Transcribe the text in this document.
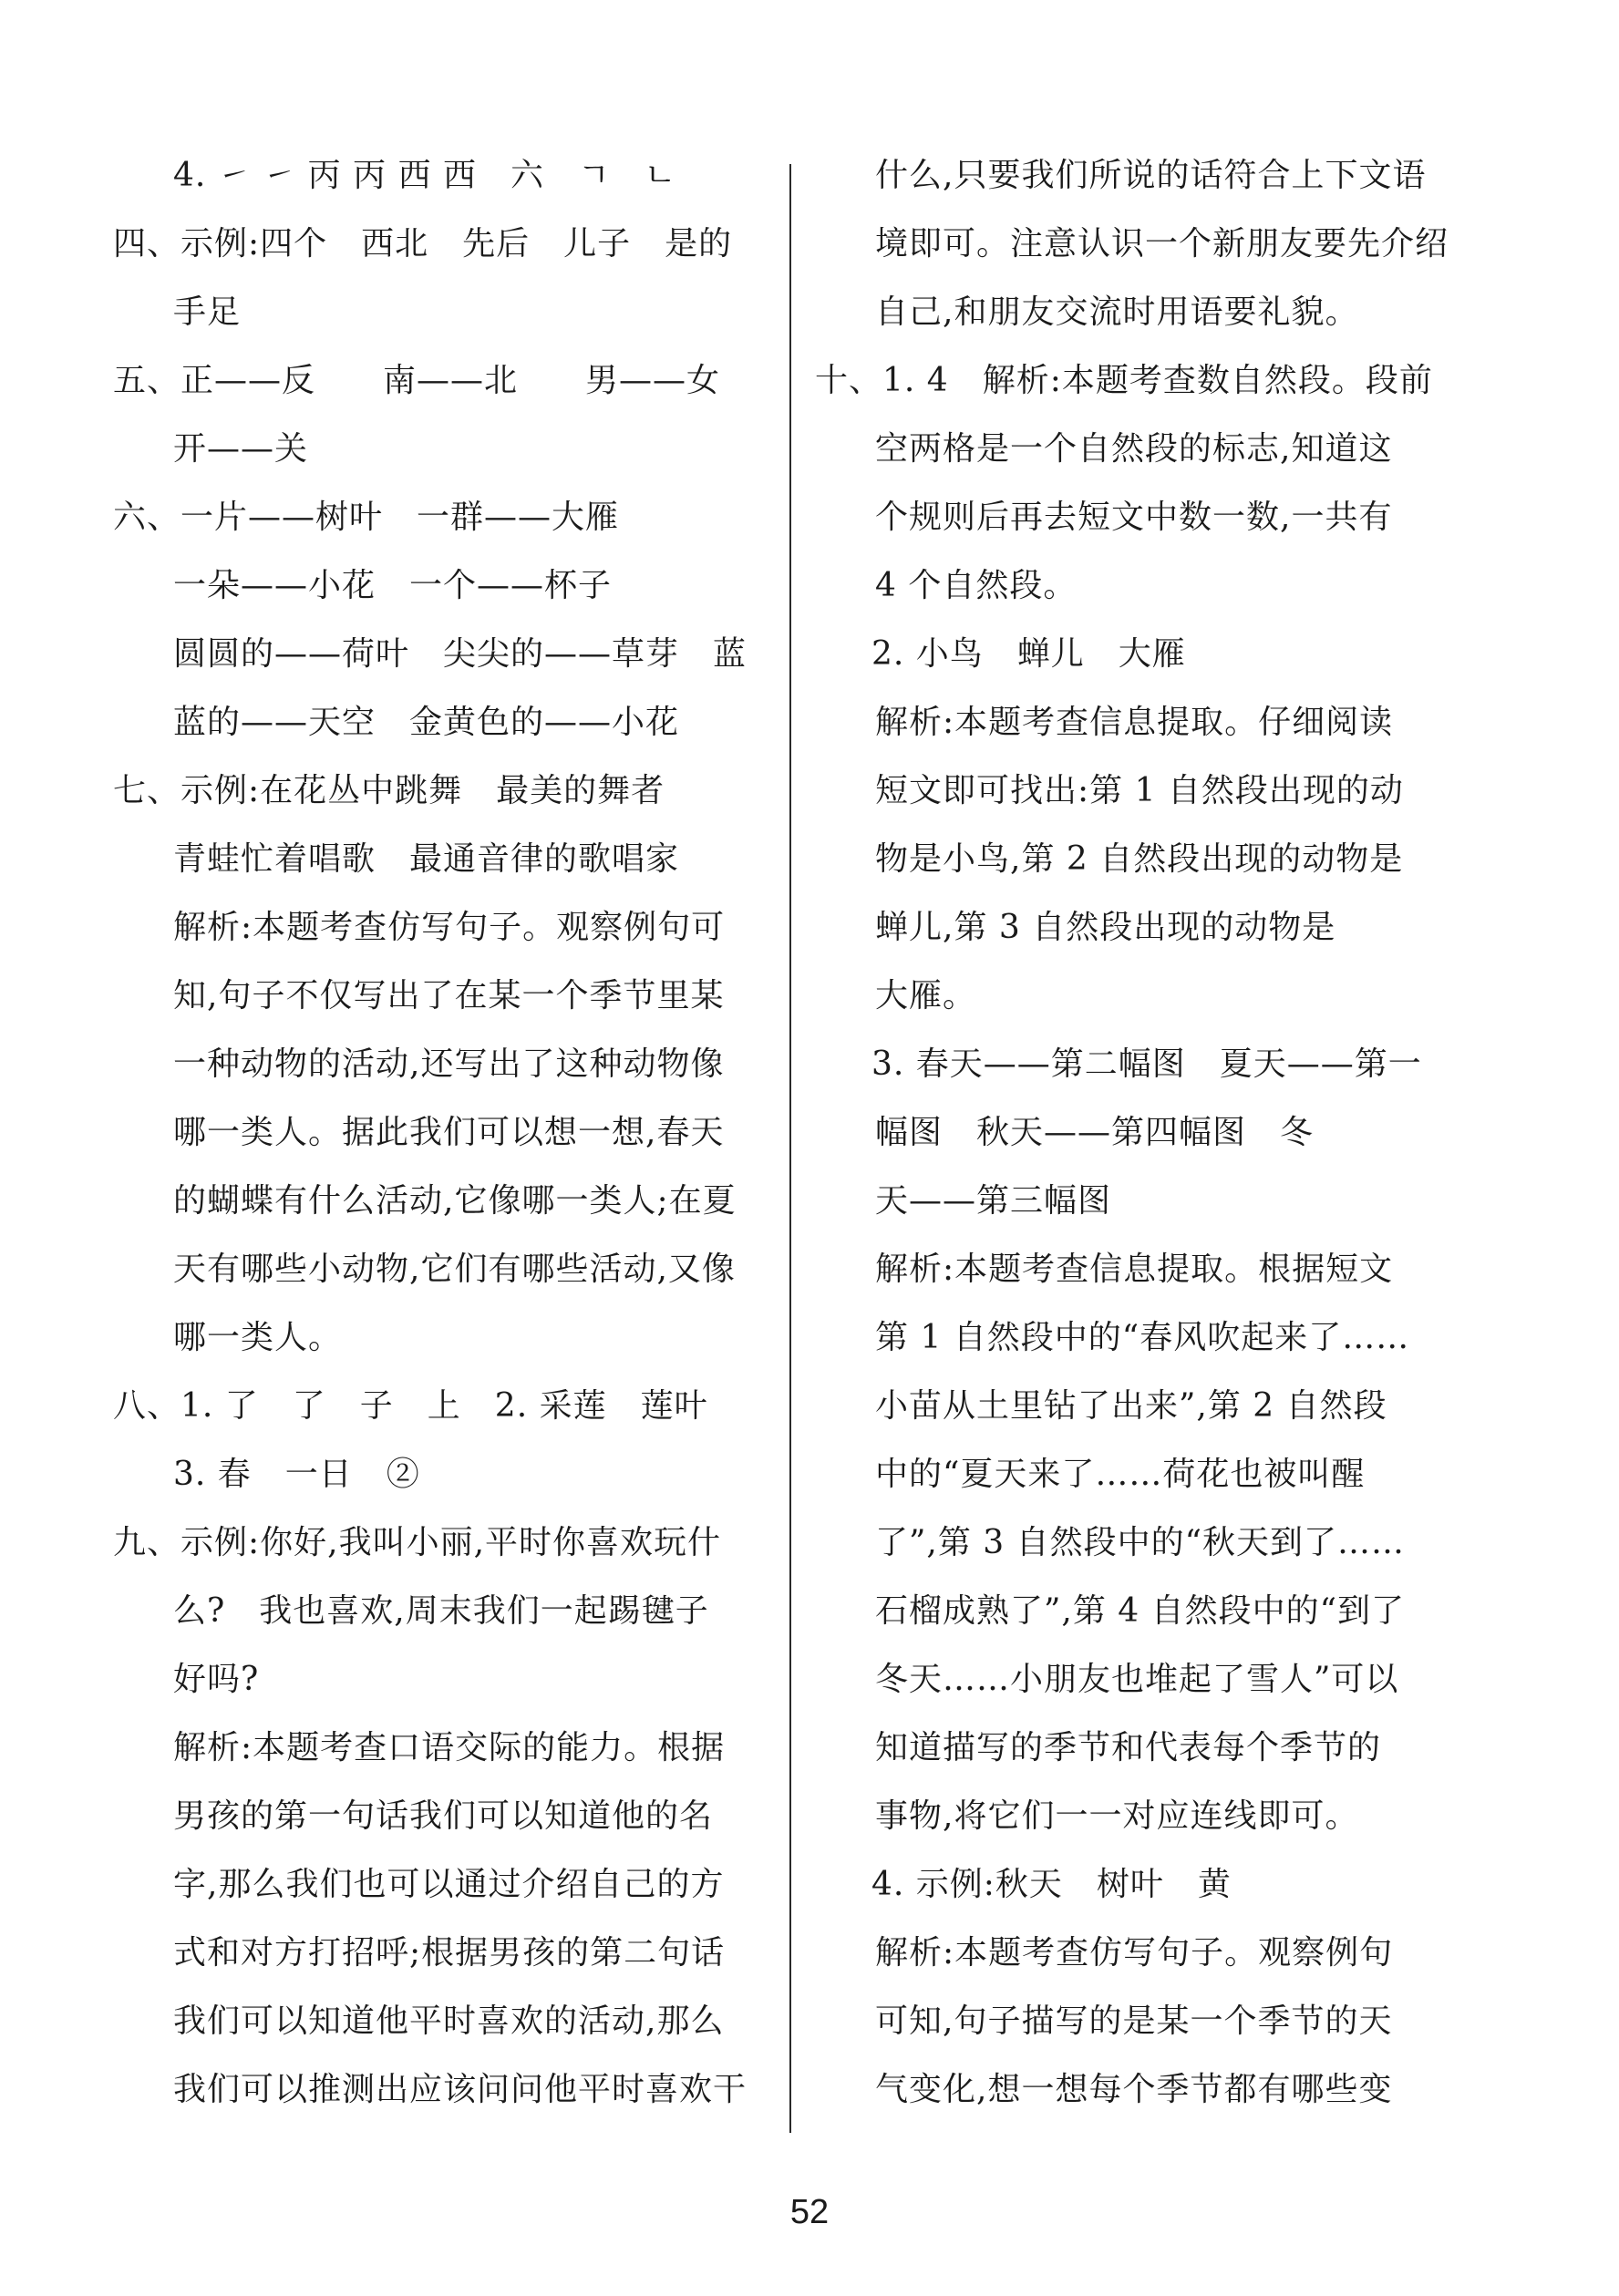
4. ㇀ ㇀ 丙 丙 西 西　六　ㄱ　ㄴ
四、示例:四个　西北　先后　儿子　是的
手足
五、正——反　　南——北　　男——女
开——关
六、一片——树叶　一群——大雁
一朵——小花　一个——杯子
圆圆的——荷叶　尖尖的——草芽　蓝
蓝的——天空　金黄色的——小花
七、示例:在花丛中跳舞　最美的舞者
青蛙忙着唱歌　最通音律的歌唱家
解析:本题考查仿写句子。观察例句可
知,句子不仅写出了在某一个季节里某
一种动物的活动,还写出了这种动物像
哪一类人。据此我们可以想一想,春天
的蝴蝶有什么活动,它像哪一类人;在夏
天有哪些小动物,它们有哪些活动,又像
哪一类人。
八、1. 了　了　子　上　2. 采莲　莲叶
3. 春　一日　②
九、示例:你好,我叫小丽,平时你喜欢玩什
么?　我也喜欢,周末我们一起踢毽子
好吗?
解析:本题考查口语交际的能力。根据
男孩的第一句话我们可以知道他的名
字,那么我们也可以通过介绍自己的方
式和对方打招呼;根据男孩的第二句话
我们可以知道他平时喜欢的活动,那么
我们可以推测出应该问问他平时喜欢干
什么,只要我们所说的话符合上下文语
境即可。注意认识一个新朋友要先介绍
自己,和朋友交流时用语要礼貌。
十、1. 4　解析:本题考查数自然段。段前
空两格是一个自然段的标志,知道这
个规则后再去短文中数一数,一共有
4 个自然段。
2. 小鸟　蝉儿　大雁
解析:本题考查信息提取。仔细阅读
短文即可找出:第 1 自然段出现的动
物是小鸟,第 2 自然段出现的动物是
蝉儿,第 3 自然段出现的动物是
大雁。
3. 春天——第二幅图　夏天——第一
幅图　秋天——第四幅图　冬
天——第三幅图
解析:本题考查信息提取。根据短文
第 1 自然段中的“春风吹起来了……
小苗从土里钻了出来”,第 2 自然段
中的“夏天来了……荷花也被叫醒
了”,第 3 自然段中的“秋天到了……
石榴成熟了”,第 4 自然段中的“到了
冬天……小朋友也堆起了雪人”可以
知道描写的季节和代表每个季节的
事物,将它们一一对应连线即可。
4. 示例:秋天　树叶　黄
解析:本题考查仿写句子。观察例句
可知,句子描写的是某一个季节的天
气变化,想一想每个季节都有哪些变
52
